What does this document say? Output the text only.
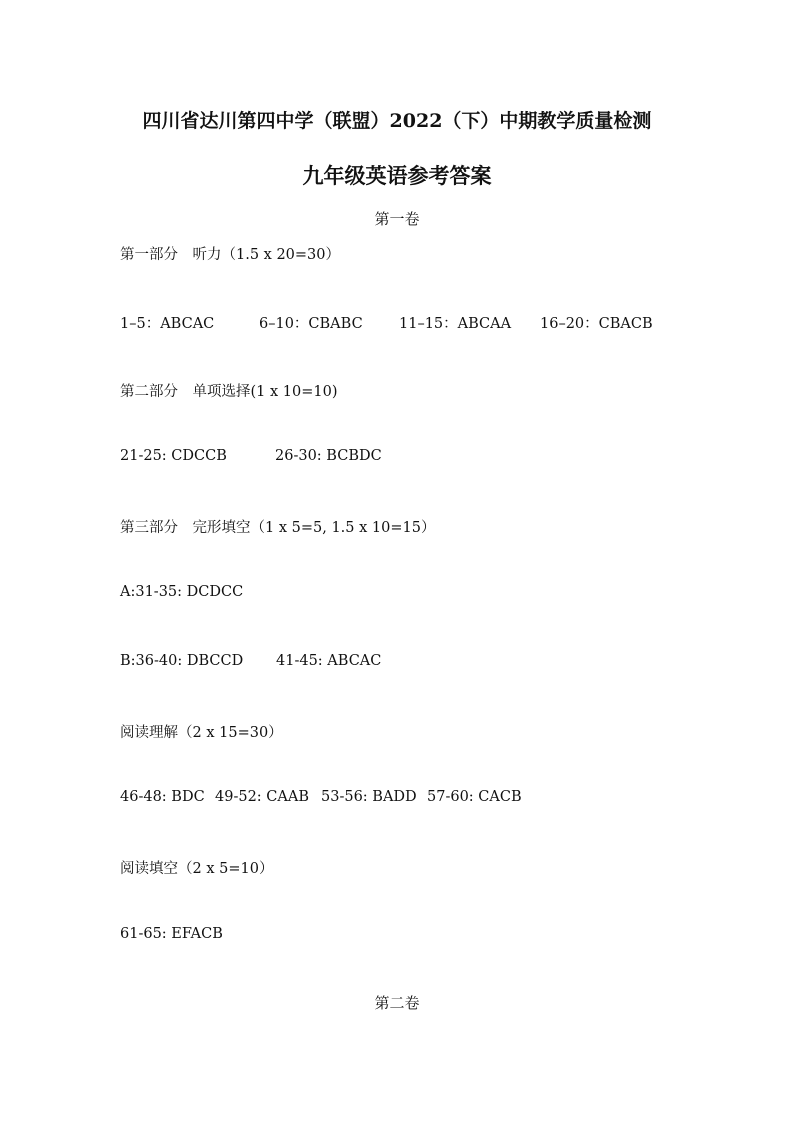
四川省达川第四中学（联盟）2022（下）中期教学质量检测
九年级英语参考答案

第一卷

第一部分　听力（1.5 x 20=30）

1–5：ABCAC

	6–10：CBABC

	11–15：ABCAA

16–20：CBACB

第二部分　单项选择(1 x 10=10)

21-25: CDCCB

	26-30: BCBDC

第三部分　完形填空（1 x 5=5, 1.5 x 10=15）

A:31-35: DCDCC

B:36-40: DBCCD

41-45: ABCAC

阅读理解（2 x 15=30）

46-48: BDC

49-52: CAAB

53-56: BADD

57-60: CACB

阅读填空（2 x 5=10）

61-65: EFACB

第二卷
